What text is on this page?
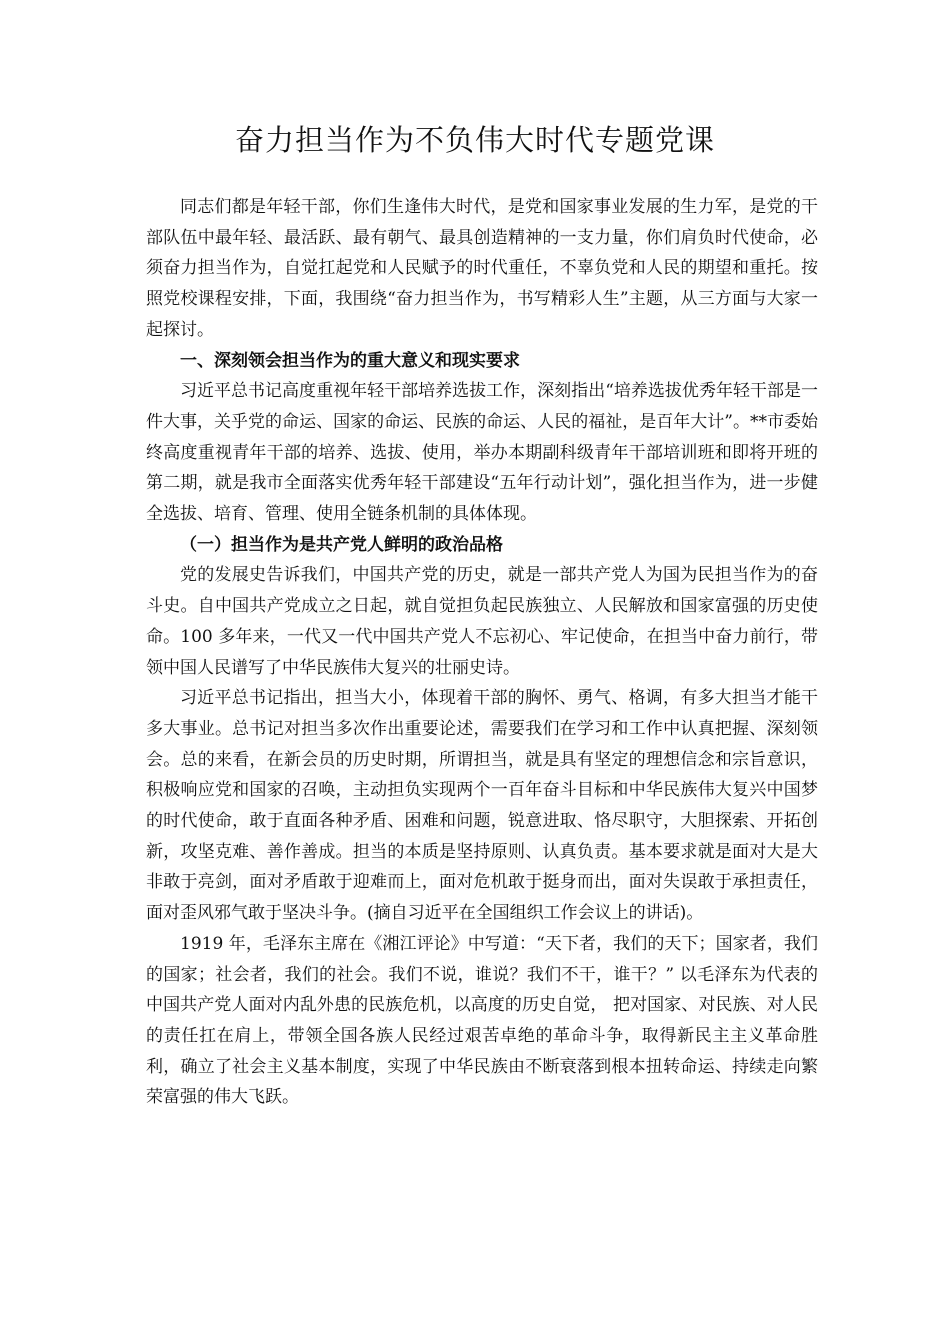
奋力担当作为不负伟大时代专题党课

同志们都是年轻干部，你们生逢伟大时代，是党和国家事业发展的生力军，是党的干部队伍中最年轻、最活跃、最有朝气、最具创造精神的一支力量，你们肩负时代使命，必须奋力担当作为，自觉扛起党和人民赋予的时代重任，不辜负党和人民的期望和重托。按照党校课程安排，下面，我围绕“奋力担当作为，书写精彩人生”主题，从三方面与大家一起探讨。

一、深刻领会担当作为的重大意义和现实要求

习近平总书记高度重视年轻干部培养选拔工作，深刻指出“培养选拔优秀年轻干部是一件大事，关乎党的命运、国家的命运、民族的命运、人民的福祉，是百年大计”。**市委始终高度重视青年干部的培养、选拔、使用，举办本期副科级青年干部培训班和即将开班的第二期，就是我市全面落实优秀年轻干部建设“五年行动计划”，强化担当作为，进一步健全选拔、培育、管理、使用全链条机制的具体体现。

（一）担当作为是共产党人鲜明的政治品格

党的发展史告诉我们，中国共产党的历史，就是一部共产党人为国为民担当作为的奋斗史。自中国共产党成立之日起，就自觉担负起民族独立、人民解放和国家富强的历史使命。100 多年来，一代又一代中国共产党人不忘初心、牢记使命，在担当中奋力前行，带领中国人民谱写了中华民族伟大复兴的壮丽史诗。

习近平总书记指出，担当大小，体现着干部的胸怀、勇气、格调，有多大担当才能干多大事业。总书记对担当多次作出重要论述，需要我们在学习和工作中认真把握、深刻领会。总的来看，在新会员的历史时期，所谓担当，就是具有坚定的理想信念和宗旨意识，积极响应党和国家的召唤，主动担负实现两个一百年奋斗目标和中华民族伟大复兴中国梦的时代使命，敢于直面各种矛盾、困难和问题，锐意进取、恪尽职守，大胆探索、开拓创新，攻坚克难、善作善成。担当的本质是坚持原则、认真负责。基本要求就是面对大是大非敢于亮剑，面对矛盾敢于迎难而上，面对危机敢于挺身而出，面对失误敢于承担责任，面对歪风邪气敢于坚决斗争。(摘自习近平在全国组织工作会议上的讲话)。

1919 年，毛泽东主席在《湘江评论》中写道：“天下者，我们的天下；国家者，我们的国家；社会者，我们的社会。我们不说，谁说？我们不干，谁干？” 以毛泽东为代表的中国共产党人面对内乱外患的民族危机，以高度的历史自觉， 把对国家、对民族、对人民的责任扛在肩上，带领全国各族人民经过艰苦卓绝的革命斗争，取得新民主主义革命胜利，确立了社会主义基本制度，实现了中华民族由不断衰落到根本扭转命运、持续走向繁荣富强的伟大飞跃。
